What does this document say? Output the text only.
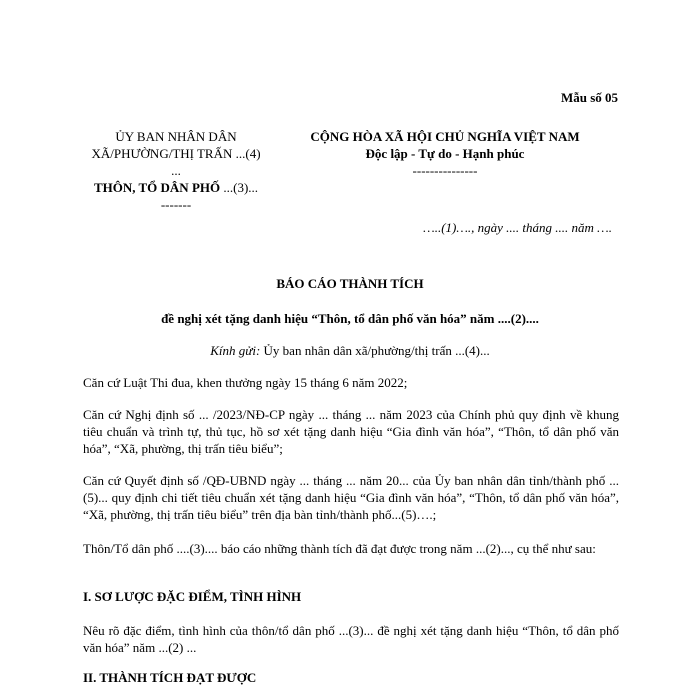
Mẫu số 05
ỦY BAN NHÂN DÂN
XÃ/PHƯỜNG/THỊ TRẤN ...(4)
...
THÔN, TỔ DÂN PHỐ ...(3)...
-------
CỘNG HÒA XÃ HỘI CHỦ NGHĨA VIỆT NAM
Độc lập - Tự do - Hạnh phúc
---------------
…..(1)…., ngày .... tháng .... năm ….
BÁO CÁO THÀNH TÍCH
đề nghị xét tặng danh hiệu “Thôn, tổ dân phố văn hóa” năm ....(2)....
Kính gửi: Ủy ban nhân dân xã/phường/thị trấn ...(4)...
Căn cứ Luật Thi đua, khen thưởng ngày 15 tháng 6 năm 2022;
Căn cứ Nghị định số ... /2023/NĐ-CP ngày ... tháng ... năm 2023 của Chính phủ quy định về khung tiêu chuẩn và trình tự, thủ tục, hồ sơ xét tặng danh hiệu “Gia đình văn hóa”, “Thôn, tổ dân phố văn hóa”, “Xã, phường, thị trấn tiêu biểu”;
Căn cứ Quyết định số /QĐ-UBND ngày ... tháng ... năm 20... của Ủy ban nhân dân tỉnh/thành phố ...(5)... quy định chi tiết tiêu chuẩn xét tặng danh hiệu “Gia đình văn hóa”, “Thôn, tổ dân phố văn hóa”, “Xã, phường, thị trấn tiêu biểu” trên địa bàn tỉnh/thành phố...(5)….;
Thôn/Tổ dân phố ....(3).... báo cáo những thành tích đã đạt được trong năm ...(2)..., cụ thể như sau:
I. SƠ LƯỢC ĐẶC ĐIỂM, TÌNH HÌNH
Nêu rõ đặc điểm, tình hình của thôn/tổ dân phố ...(3)... đề nghị xét tặng danh hiệu “Thôn, tổ dân phố văn hóa” năm ...(2) ...
II. THÀNH TÍCH ĐẠT ĐƯỢC
